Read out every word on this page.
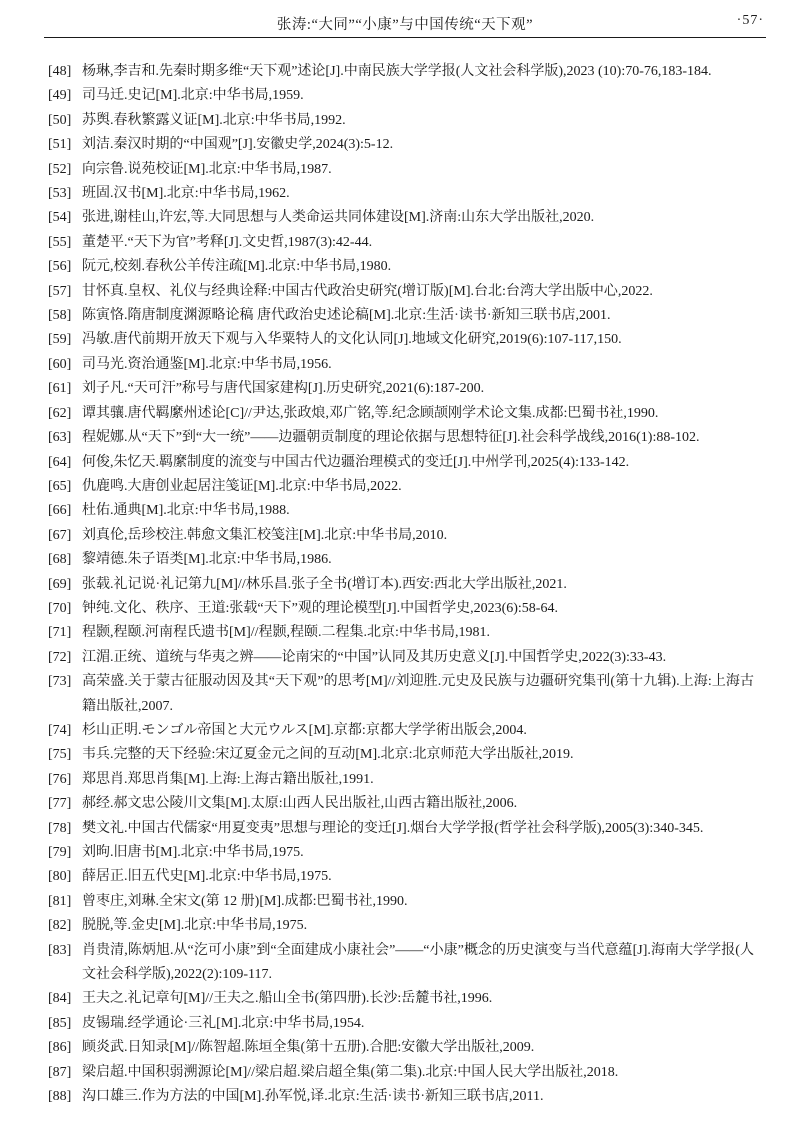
张涛:“大同”“小康”与中国传统“天下观”	·57·
[48] 杨琳,李吉和.先秦时期多维“天下观”述论[J].中南民族大学学报(人文社会科学版),2023 (10):70-76,183-184.
[49] 司马迁.史记[M].北京:中华书局,1959.
[50] 苏舆.春秋繁露义证[M].北京:中华书局,1992.
[51] 刘洁.秦汉时期的“中国观”[J].安徽史学,2024(3):5-12.
[52] 向宗鲁.说苑校证[M].北京:中华书局,1987.
[53] 班固.汉书[M].北京:中华书局,1962.
[54] 张进,谢桂山,许宏,等.大同思想与人类命运共同体建设[M].济南:山东大学出版社,2020.
[55] 董楚平.“天下为官”考释[J].文史哲,1987(3):42-44.
[56] 阮元,校刻.春秋公羊传注疏[M].北京:中华书局,1980.
[57] 甘怀真.皇权、礼仪与经典诠释:中国古代政治史研究(增订版)[M].台北:台湾大学出版中心,2022.
[58] 陈寅恪.隋唐制度渊源略论稿 唐代政治史述论稿[M].北京:生活·读书·新知三联书店,2001.
[59] 冯敏.唐代前期开放天下观与入华粟特人的文化认同[J].地域文化研究,2019(6):107-117,150.
[60] 司马光.资治通鉴[M].北京:中华书局,1956.
[61] 刘子凡.“天可汗”称号与唐代国家建构[J].历史研究,2021(6):187-200.
[62] 谭其骧.唐代羁縻州述论[C]//尹达,张政烺,邓广铭,等.纪念顾颉刚学术论文集.成都:巴蜀书社,1990.
[63] 程妮娜.从“天下”到“大一统”——边疆朝贡制度的理论依据与思想特征[J].社会科学战线,2016(1):88-102.
[64] 何俊,朱忆天.羁縻制度的流变与中国古代边疆治理模式的变迁[J].中州学刊,2025(4):133-142.
[65] 仇鹿鸣.大唐创业起居注笺证[M].北京:中华书局,2022.
[66] 杜佑.通典[M].北京:中华书局,1988.
[67] 刘真伦,岳珍校注.韩愈文集汇校笺注[M].北京:中华书局,2010.
[68] 黎靖德.朱子语类[M].北京:中华书局,1986.
[69] 张载.礼记说·礼记第九[M]//林乐昌.张子全书(增订本).西安:西北大学出版社,2021.
[70] 钟纯.文化、秩序、王道:张载“天下”观的理论模型[J].中国哲学史,2023(6):58-64.
[71] 程颢,程颐.河南程氏遗书[M]//程颢,程颐.二程集.北京:中华书局,1981.
[72] 江湄.正统、道统与华夷之辨——论南宋的“中国”认同及其历史意义[J].中国哲学史,2022(3):33-43.
[73] 高荣盛.关于蒙古征服动因及其“天下观”的思考[M]//刘迎胜.元史及民族与边疆研究集刊(第十九辑).上海:上海古籍出版社,2007.
[74] 杉山正明.モンゴル帝国と大元ウルス[M].京都:京都大学学術出版会,2004.
[75] 韦兵.完整的天下经验:宋辽夏金元之间的互动[M].北京:北京师范大学出版社,2019.
[76] 郑思肖.郑思肖集[M].上海:上海古籍出版社,1991.
[77] 郝经.郝文忠公陵川文集[M].太原:山西人民出版社,山西古籍出版社,2006.
[78] 樊文礼.中国古代儒家“用夏变夷”思想与理论的变迁[J].烟台大学学报(哲学社会科学版),2005(3):340-345.
[79] 刘昫.旧唐书[M].北京:中华书局,1975.
[80] 薛居正.旧五代史[M].北京:中华书局,1975.
[81] 曾枣庄,刘琳.全宋文(第 12 册)[M].成都:巴蜀书社,1990.
[82] 脱脱,等.金史[M].北京:中华书局,1975.
[83] 肖贵清,陈炳旭.从“汔可小康”到“全面建成小康社会”——“小康”概念的历史演变与当代意蕴[J].海南大学学报(人文社会科学版),2022(2):109-117.
[84] 王夫之.礼记章句[M]//王夫之.船山全书(第四册).长沙:岳麓书社,1996.
[85] 皮锡瑞.经学通论·三礼[M].北京:中华书局,1954.
[86] 顾炎武.日知录[M]//陈智超.陈垣全集(第十五册).合肥:安徽大学出版社,2009.
[87] 梁启超.中国积弱溯源论[M]//梁启超.梁启超全集(第二集).北京:中国人民大学出版社,2018.
[88] 沟口雄三.作为方法的中国[M].孙军悦,译.北京:生活·读书·新知三联书店,2011.
